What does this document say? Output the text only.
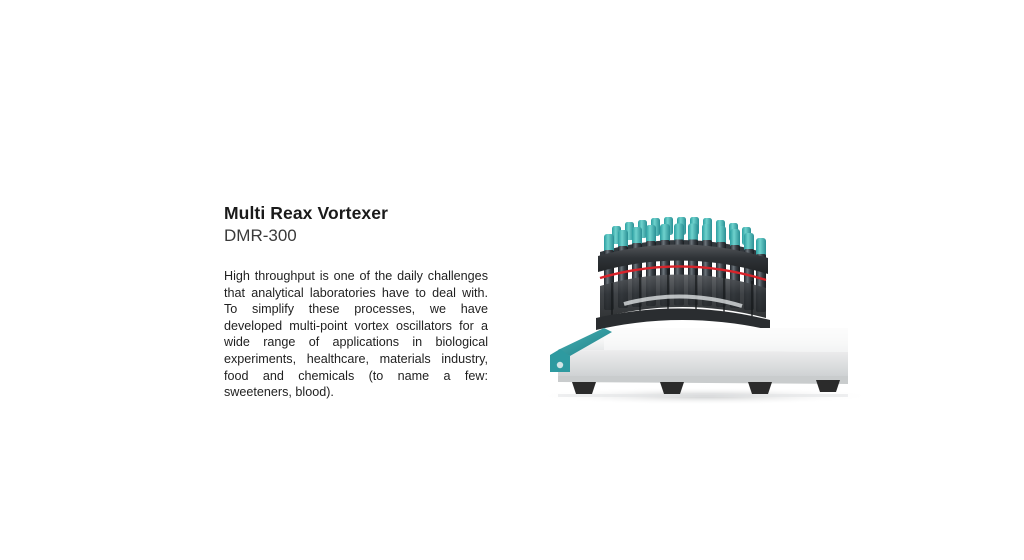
Multi Reax Vortexer
DMR-300

High throughput is one of the daily challenges that analytical laboratories have to deal with. To simplify these processes, we have developed multi-point vortex oscillators for a wide range of applications in biological experiments, healthcare, materials industry, food and chemicals (to name a few: sweeteners, blood).
